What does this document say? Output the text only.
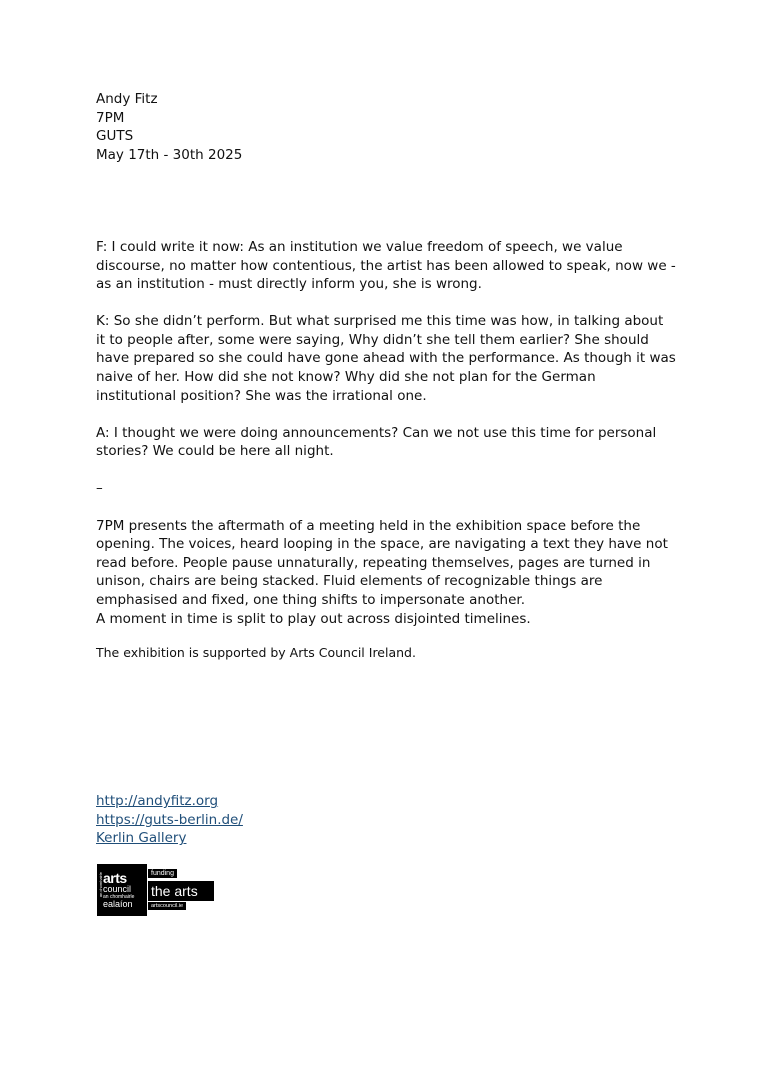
Andy Fitz
7PM
GUTS
May 17th - 30th 2025

F: I could write it now: As an institution we value freedom of speech, we value discourse, no matter how contentious, the artist has been allowed to speak, now we - as an institution - must directly inform you, she is wrong.

K: So she didn’t perform. But what surprised me this time was how, in talking about it to people after, some were saying, Why didn’t she tell them earlier? She should have prepared so she could have gone ahead with the performance. As though it was naive of her. How did she not know? Why did she not plan for the German institutional position? She was the irrational one.

A: I thought we were doing announcements? Can we not use this time for personal stories? We could be here all night.

–

7PM presents the aftermath of a meeting held in the exhibition space before the opening. The voices, heard looping in the space, are navigating a text they have not read before. People pause unnaturally, repeating themselves, pages are turned in unison, chairs are being stacked. Fluid elements of recognizable things are emphasised and fixed, one thing shifts to impersonate another.
A moment in time is split to play out across disjointed timelines.

The exhibition is supported by Arts Council Ireland.

http://andyfitz.org
https://guts-berlin.de/
Kerlin Gallery
an chomhairle arts
council
an chomhairle
ealaíon
funding
the arts
artscouncil.ie
